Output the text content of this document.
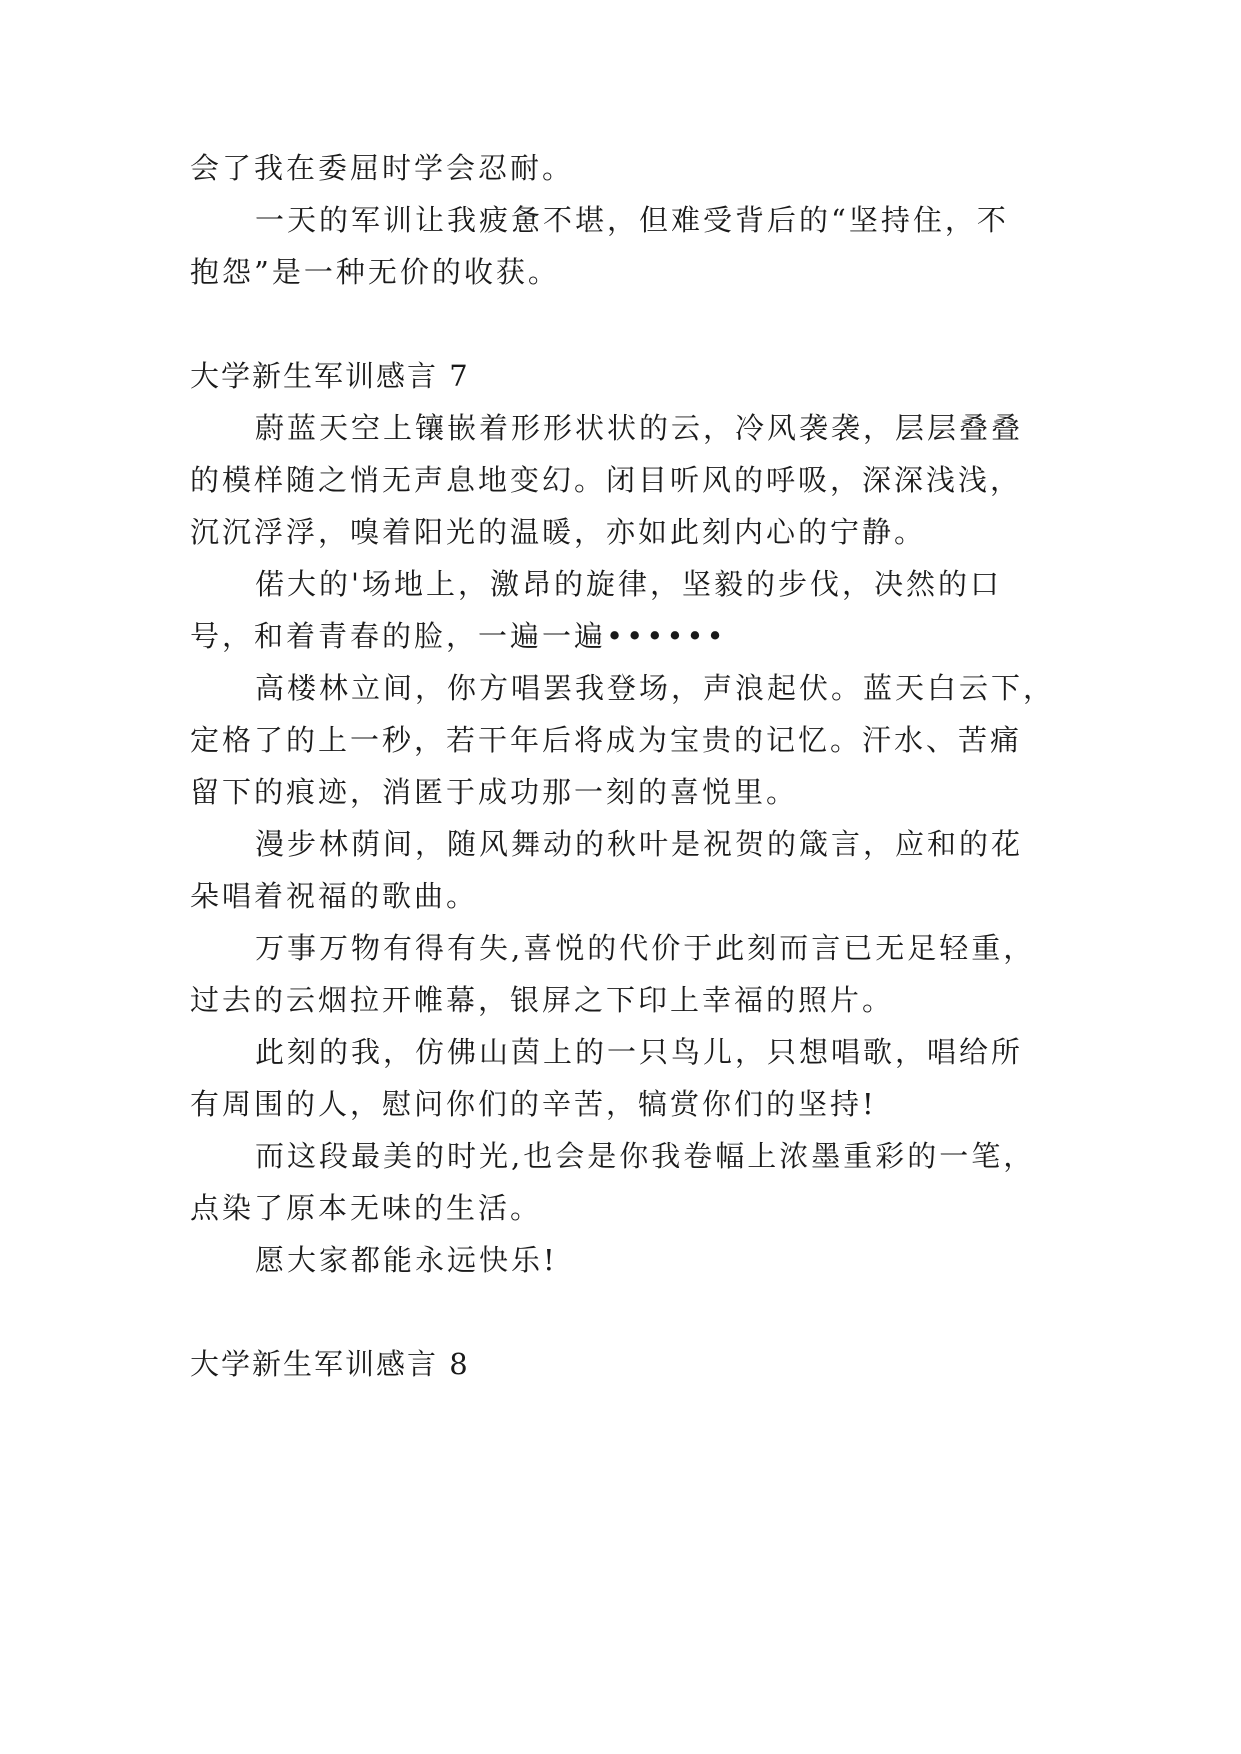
会了我在委屈时学会忍耐。
一天的军训让我疲惫不堪，但难受背后的“坚持住，不
抱怨”是一种无价的收获。
大学新生军训感言 7
蔚蓝天空上镶嵌着形形状状的云，冷风袭袭，层层叠叠
的模样随之悄无声息地变幻。闭目听风的呼吸，深深浅浅，
沉沉浮浮，嗅着阳光的温暖，亦如此刻内心的宁静。
偌大的'场地上，激昂的旋律，坚毅的步伐，决然的口
号，和着青春的脸，一遍一遍••••••
高楼林立间，你方唱罢我登场，声浪起伏。蓝天白云下，
定格了的上一秒，若干年后将成为宝贵的记忆。汗水、苦痛
留下的痕迹，消匿于成功那一刻的喜悦里。
漫步林荫间，随风舞动的秋叶是祝贺的箴言，应和的花
朵唱着祝福的歌曲。
万事万物有得有失,喜悦的代价于此刻而言已无足轻重，
过去的云烟拉开帷幕，银屏之下印上幸福的照片。
此刻的我，仿佛山茵上的一只鸟儿，只想唱歌，唱给所
有周围的人，慰问你们的辛苦，犒赏你们的坚持!
而这段最美的时光,也会是你我卷幅上浓墨重彩的一笔，
点染了原本无味的生活。
愿大家都能永远快乐!
大学新生军训感言 8
